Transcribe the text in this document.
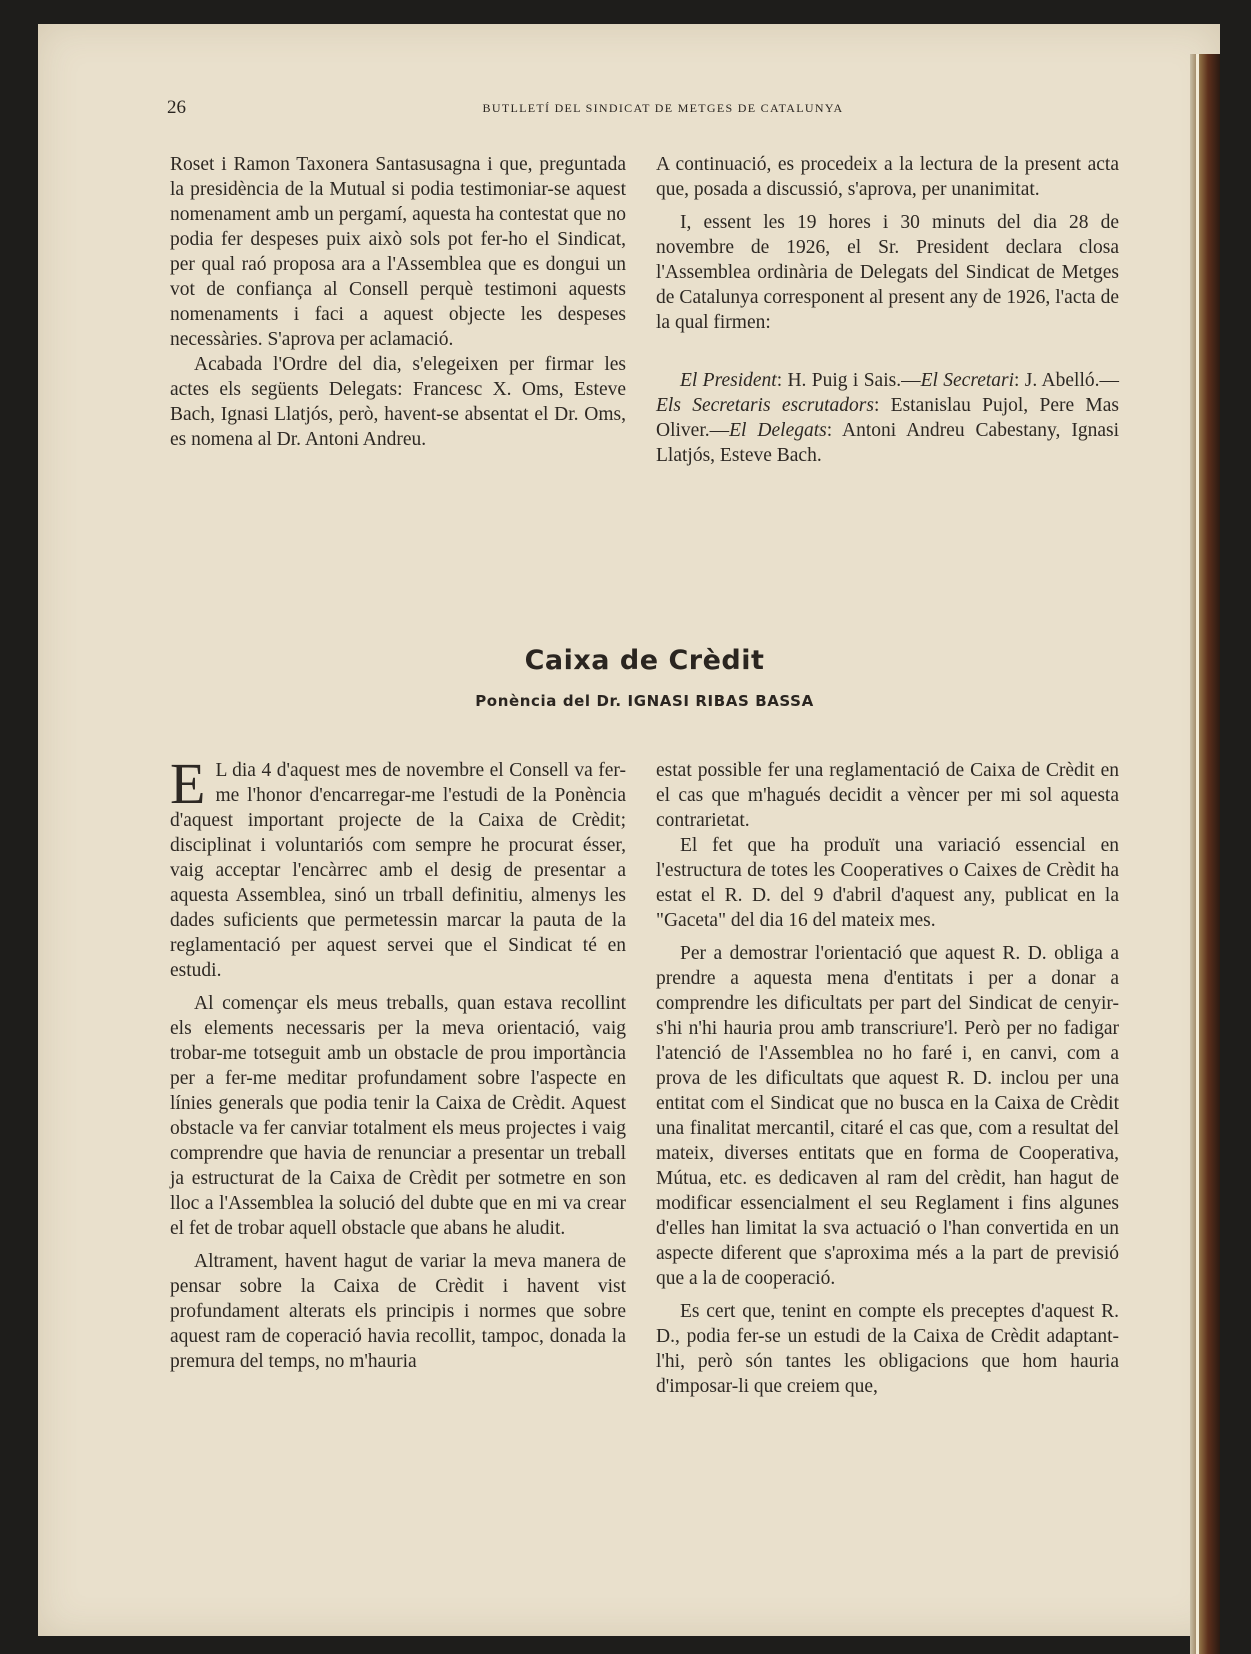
26	BUTLLETÍ DEL SINDICAT DE METGES DE CATALUNYA

Roset i Ramon Taxonera Santasusagna i que, preguntada la presidència de la Mutual si podia testimoniar-se aquest nomenament amb un pergamí, aquesta ha contestat que no podia fer despeses puix això sols pot fer-ho el Sindicat, per qual raó proposa ara a l'Assemblea que es dongui un vot de confiança al Consell perquè testimoni aquests nomenaments i faci a aquest objecte les despeses necessàries. S'aprova per aclamació.

Acabada l'Ordre del dia, s'elegeixen per firmar les actes els següents Delegats: Francesc X. Oms, Esteve Bach, Ignasi Llatjós, però, havent-se absentat el Dr. Oms, es nomena al Dr. Antoni Andreu.

A continuació, es procedeix a la lectura de la present acta que, posada a discussió, s'aprova, per unanimitat.

I, essent les 19 hores i 30 minuts del dia 28 de novembre de 1926, el Sr. President declara closa l'Assemblea ordinària de Delegats del Sindicat de Metges de Catalunya corresponent al present any de 1926, l'acta de la qual firmen:

El President: H. Puig i Sais.—El Secretari: J. Abelló.—Els Secretaris escrutadors: Estanislau Pujol, Pere Mas Oliver.—El Delegats: Antoni Andreu Cabestany, Ignasi Llatjós, Esteve Bach.

Caixa de Crèdit
Ponència del Dr. IGNASI RIBAS BASSA

E L dia 4 d'aquest mes de novembre el Consell va fer-me l'honor d'encarregar-me l'estudi de la Ponència d'aquest important projecte de la Caixa de Crèdit; disciplinat i voluntariós com sempre he procurat ésser, vaig acceptar l'encàrrec amb el desig de presentar a aquesta Assemblea, sinó un trball definitiu, almenys les dades suficients que permetessin marcar la pauta de la reglamentació per aquest servei que el Sindicat té en estudi.

Al començar els meus treballs, quan estava recollint els elements necessaris per la meva orientació, vaig trobar-me totseguit amb un obstacle de prou importància per a fer-me meditar profundament sobre l'aspecte en línies generals que podia tenir la Caixa de Crèdit. Aquest obstacle va fer canviar totalment els meus projectes i vaig comprendre que havia de renunciar a presentar un treball ja estructurat de la Caixa de Crèdit per sotmetre en son lloc a l'Assemblea la solució del dubte que en mi va crear el fet de trobar aquell obstacle que abans he aludit.

Altrament, havent hagut de variar la meva manera de pensar sobre la Caixa de Crèdit i havent vist profundament alterats els principis i normes que sobre aquest ram de coperació havia recollit, tampoc, donada la premura del temps, no m'hauria

estat possible fer una reglamentació de Caixa de Crèdit en el cas que m'hagués decidit a vèncer per mi sol aquesta contrarietat.

El fet que ha produït una variació essencial en l'estructura de totes les Cooperatives o Caixes de Crèdit ha estat el R. D. del 9 d'abril d'aquest any, publicat en la "Gaceta" del dia 16 del mateix mes.

Per a demostrar l'orientació que aquest R. D. obliga a prendre a aquesta mena d'entitats i per a donar a comprendre les dificultats per part del Sindicat de cenyir-s'hi n'hi hauria prou amb transcriure'l. Però per no fadigar l'atenció de l'Assemblea no ho faré i, en canvi, com a prova de les dificultats que aquest R. D. inclou per una entitat com el Sindicat que no busca en la Caixa de Crèdit una finalitat mercantil, citaré el cas que, com a resultat del mateix, diverses entitats que en forma de Cooperativa, Mútua, etc. es dedicaven al ram del crèdit, han hagut de modificar essencialment el seu Reglament i fins algunes d'elles han limitat la sva actuació o l'han convertida en un aspecte diferent que s'aproxima més a la part de previsió que a la de cooperació.

Es cert que, tenint en compte els preceptes d'aquest R. D., podia fer-se un estudi de la Caixa de Crèdit adaptant-l'hi, però són tantes les obligacions que hom hauria d'imposar-li que creiem que,
